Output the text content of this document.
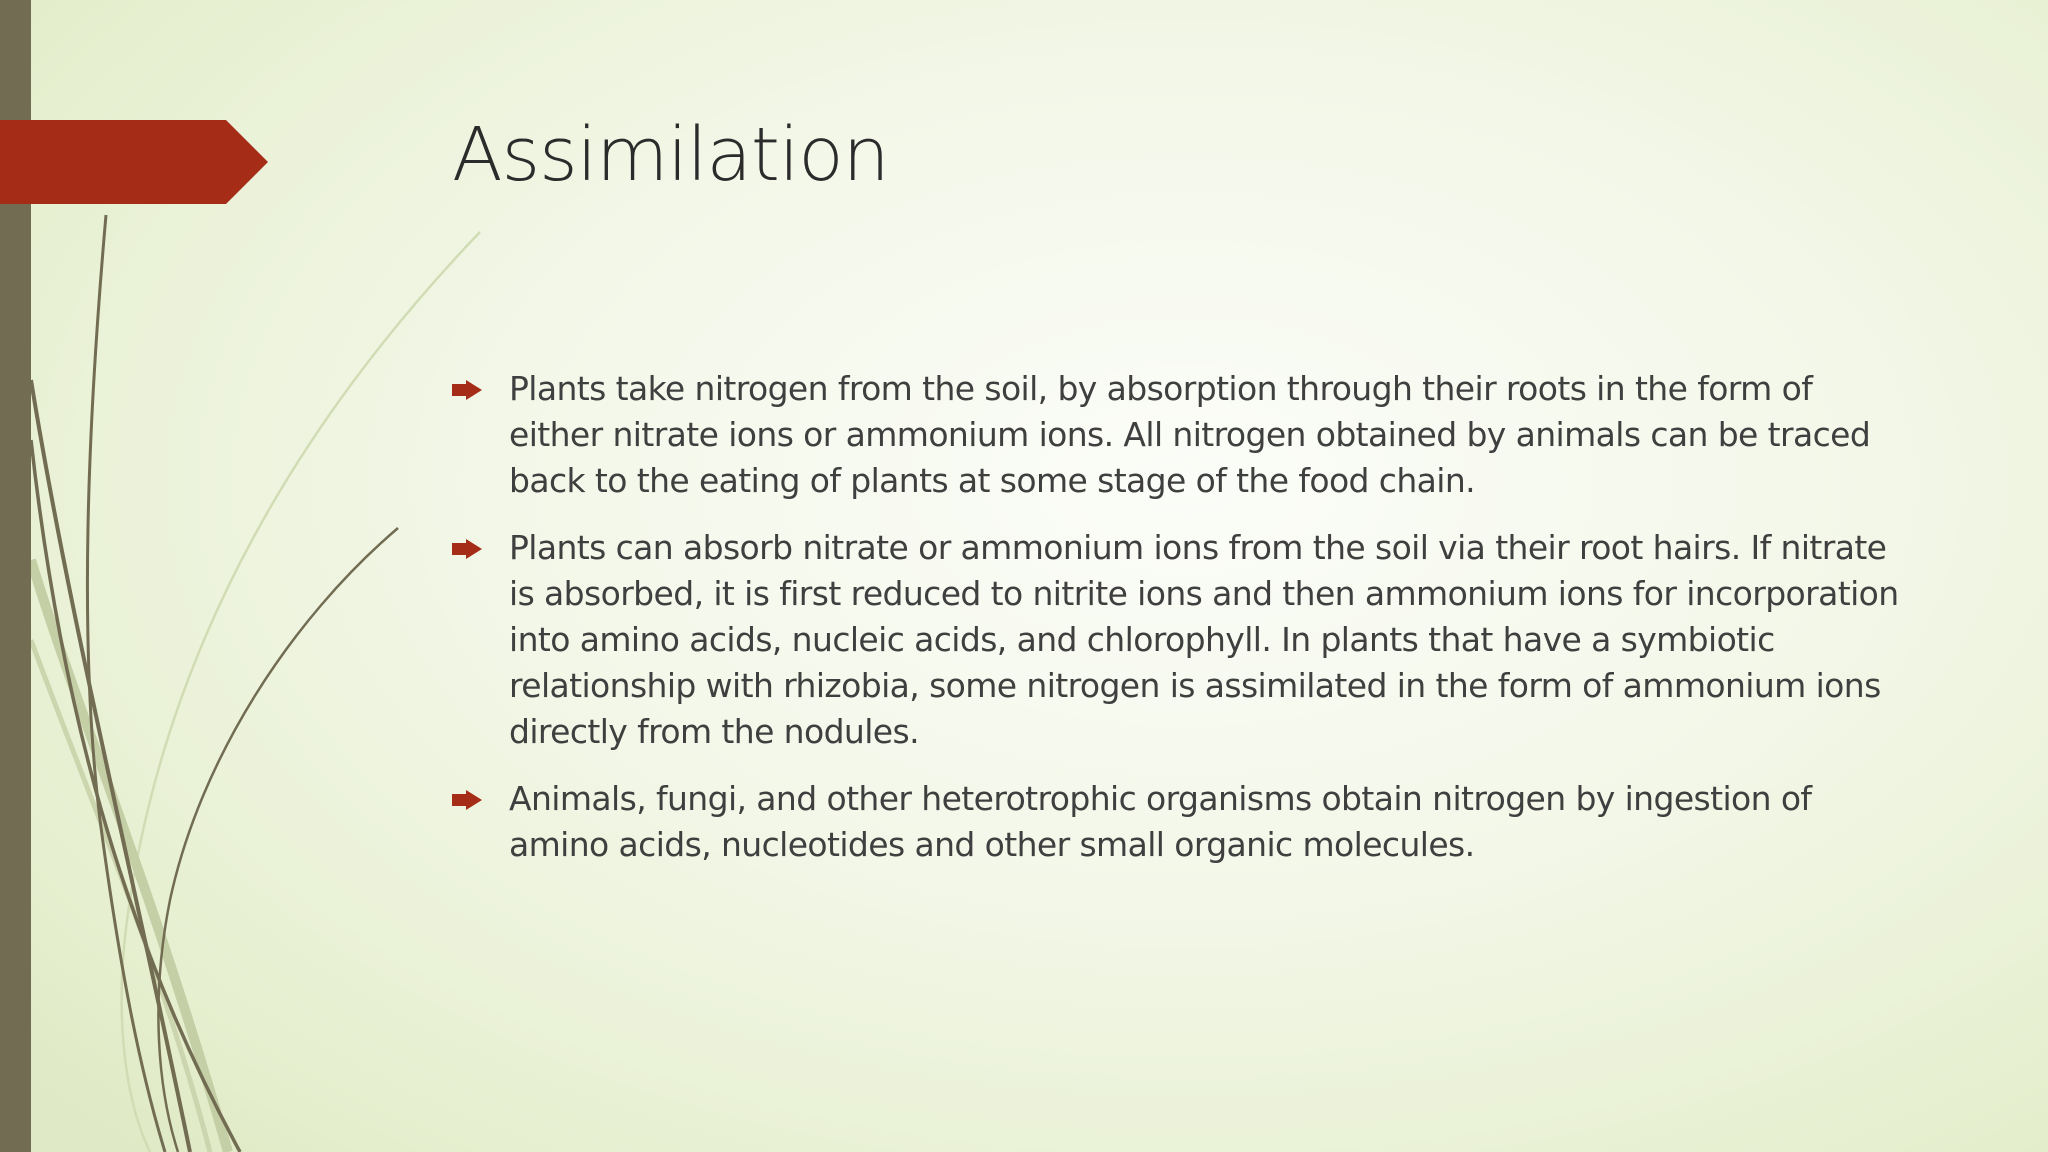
Assimilation
Plants take nitrogen from the soil, by absorption through their roots in the form of either nitrate ions or ammonium ions. All nitrogen obtained by animals can be traced back to the eating of plants at some stage of the food chain.
Plants can absorb nitrate or ammonium ions from the soil via their root hairs. If nitrate is absorbed, it is first reduced to nitrite ions and then ammonium ions for incorporation into amino acids, nucleic acids, and chlorophyll. In plants that have a symbiotic relationship with rhizobia, some nitrogen is assimilated in the form of ammonium ions directly from the nodules.
Animals, fungi, and other heterotrophic organisms obtain nitrogen by ingestion of amino acids, nucleotides and other small organic molecules.
